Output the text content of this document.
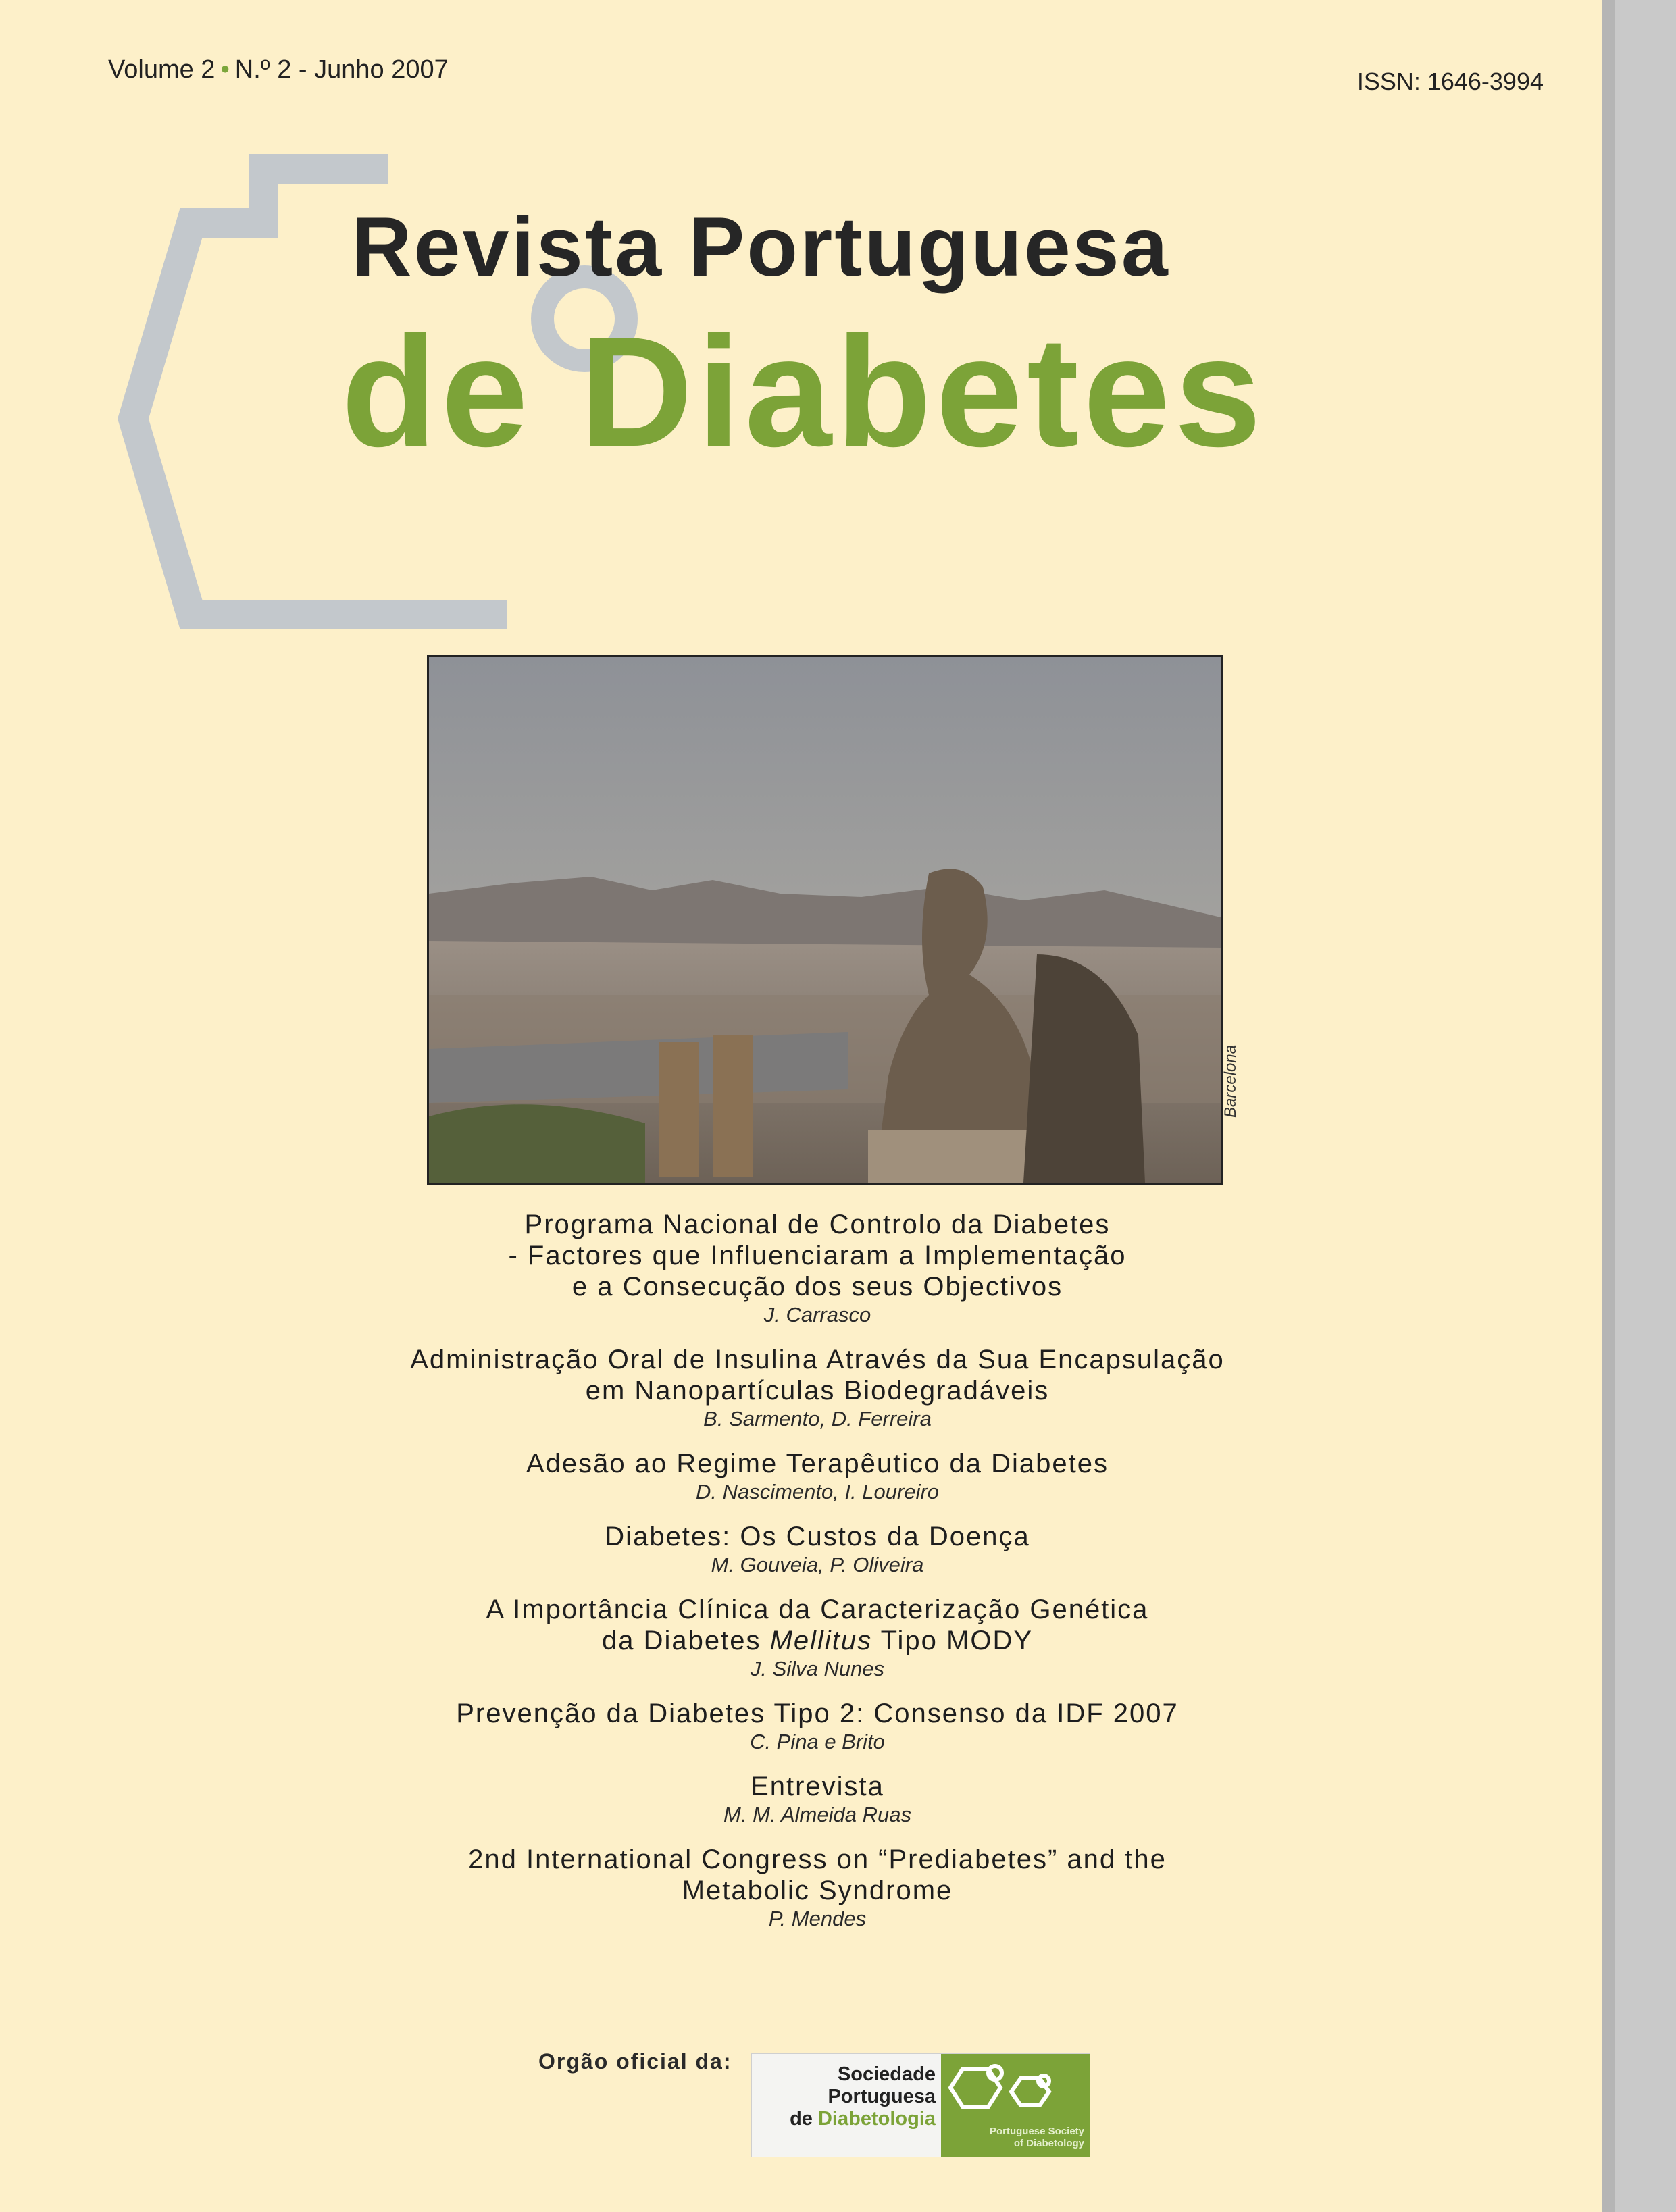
Volume 2 • N.º 2 - Junho 2007	ISSN: 1646-3994
Revista Portuguesa
de Diabetes
Barcelona
Programa Nacional de Controlo da Diabetes
- Factores que Influenciaram a Implementação
e a Consecução dos seus Objectivos
J. Carrasco
Administração Oral de Insulina Através da Sua Encapsulação
em Nanopartículas Biodegradáveis
B. Sarmento, D. Ferreira
Adesão ao Regime Terapêutico da Diabetes
D. Nascimento, I. Loureiro
Diabetes: Os Custos da Doença
M. Gouveia, P. Oliveira
A Importância Clínica da Caracterização Genética
da Diabetes Mellitus Tipo MODY
J. Silva Nunes
Prevenção da Diabetes Tipo 2: Consenso da IDF 2007
C. Pina e Brito
Entrevista
M. M. Almeida Ruas
2nd International Congress on “Prediabetes” and the
Metabolic Syndrome
P. Mendes
Orgão oficial da:
Sociedade
Portuguesa
de Diabetologia
Portuguese Society
of Diabetology
